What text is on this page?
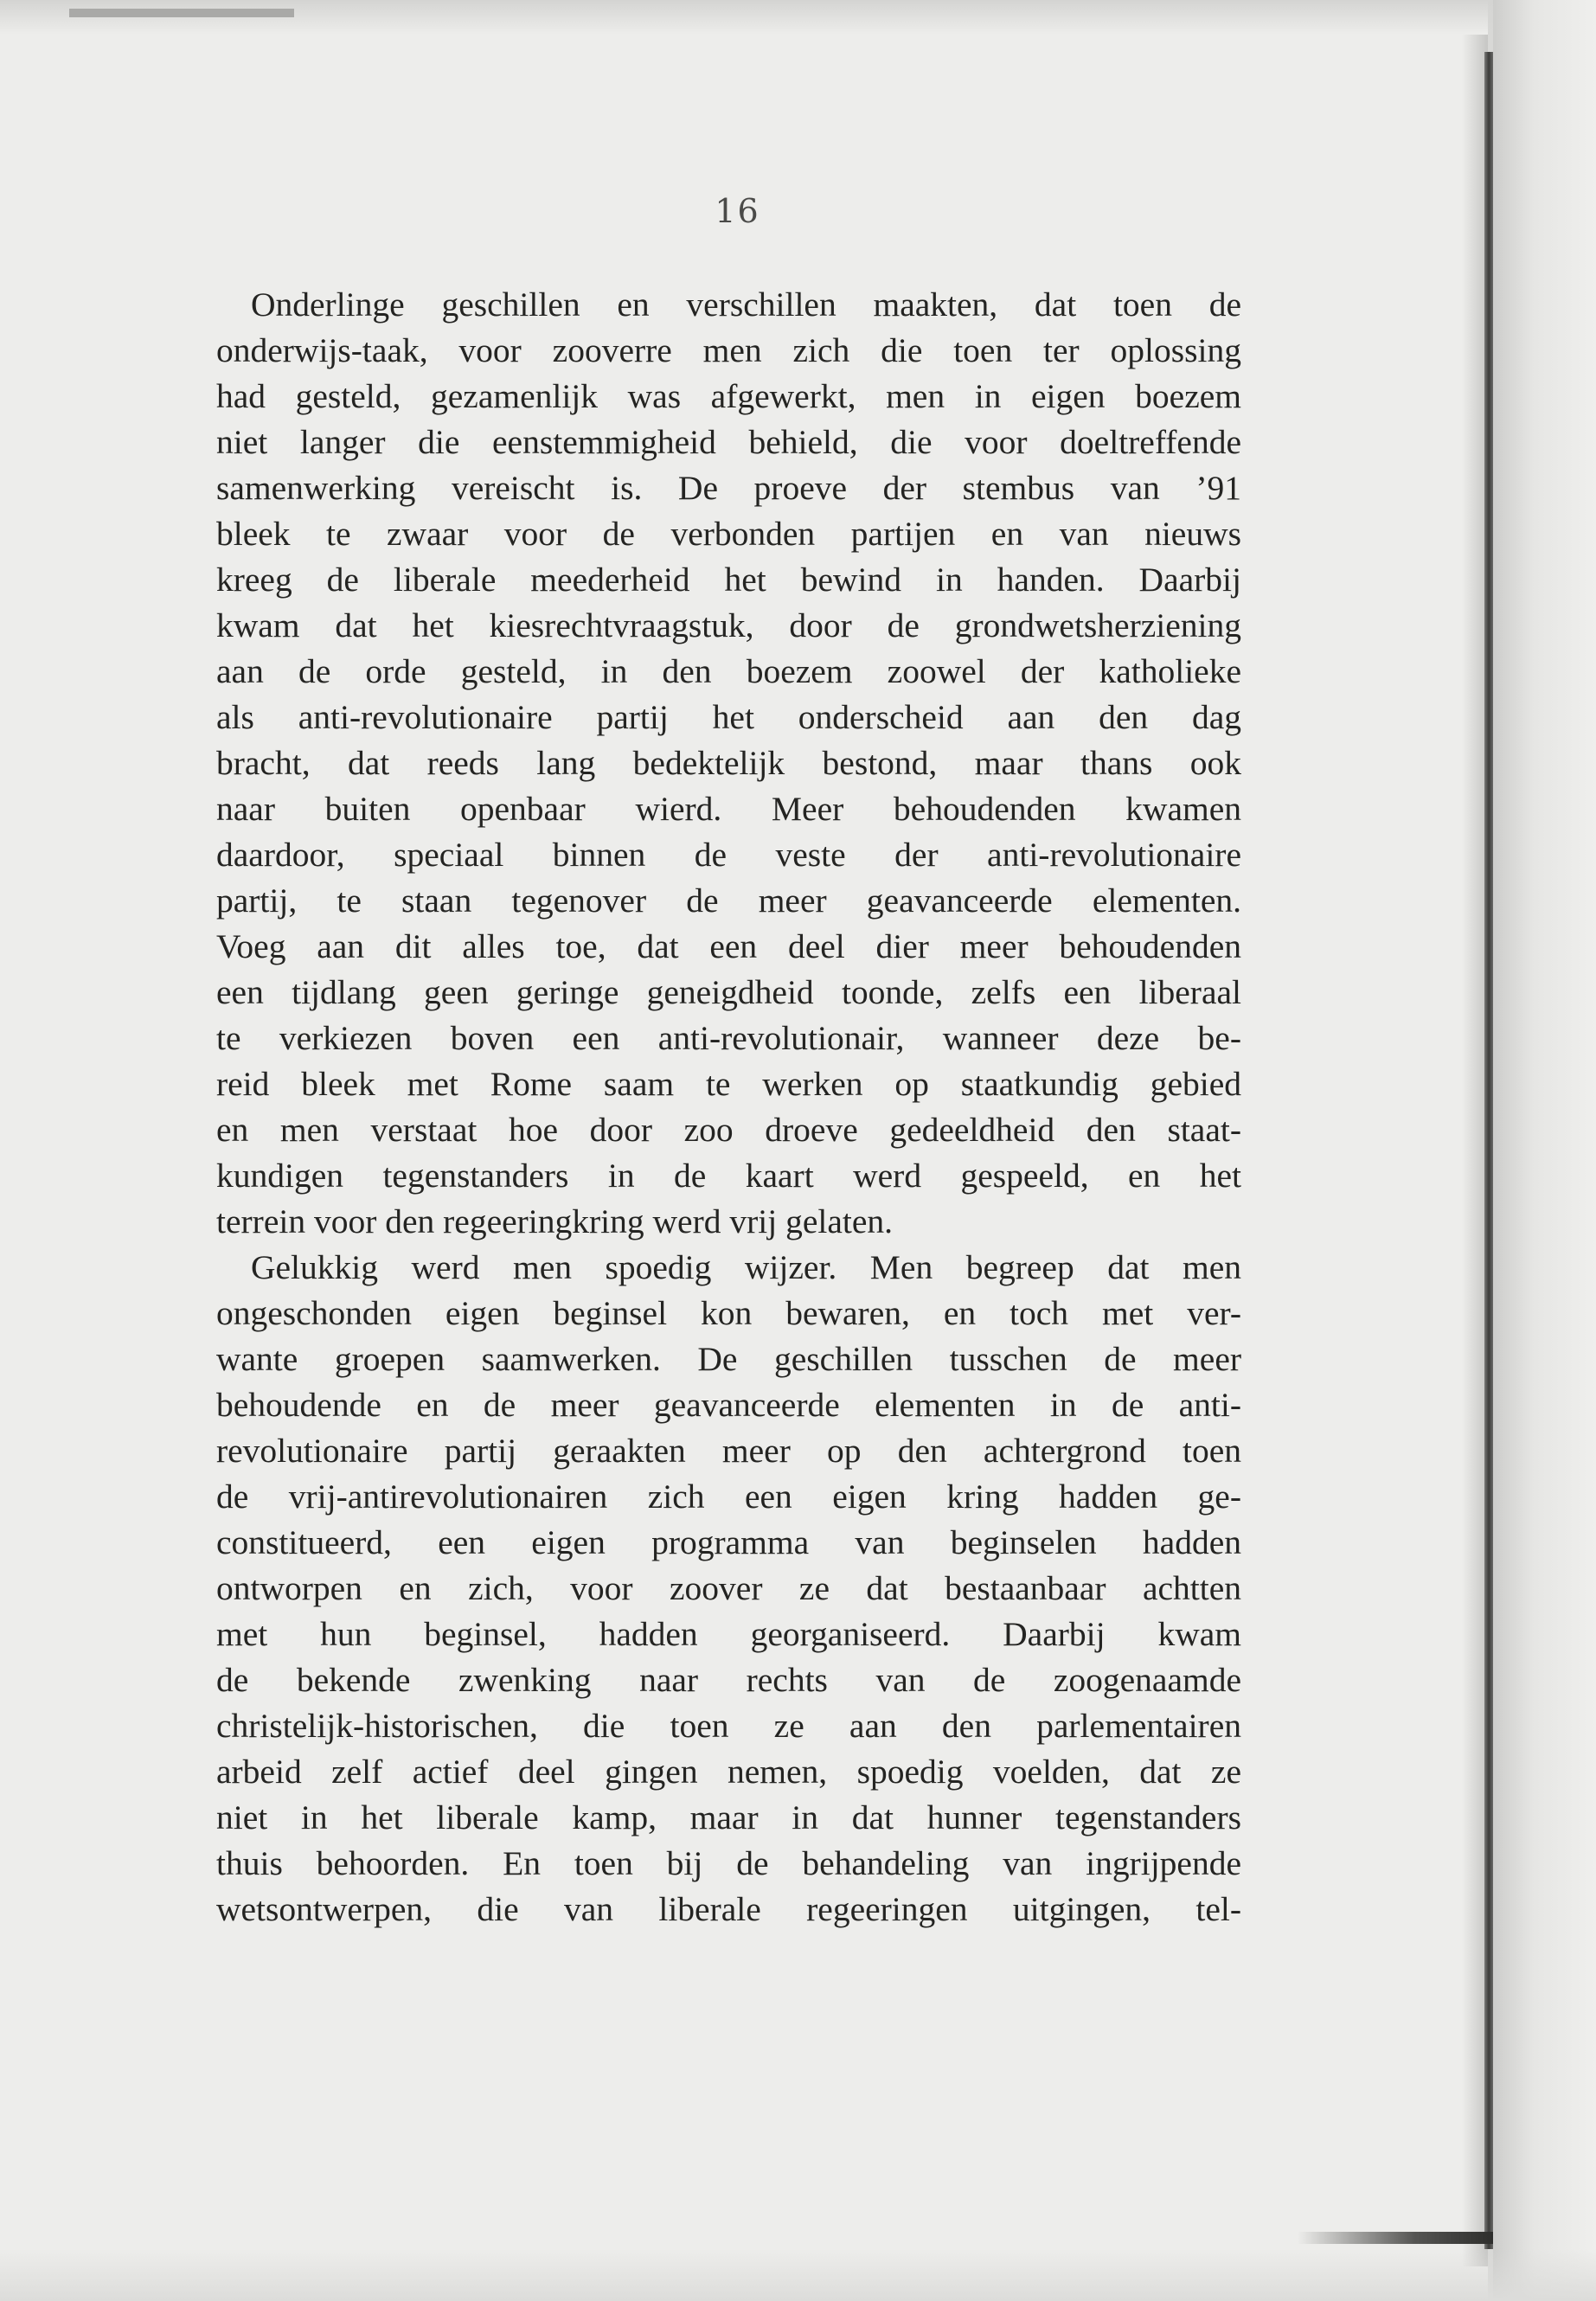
16
Onderlinge geschillen en verschillen maakten, dat toen de
onderwijs-taak, voor zooverre men zich die toen ter oplossing
had gesteld, gezamenlijk was afgewerkt, men in eigen boezem
niet langer die eenstemmigheid behield, die voor doeltreffende
samenwerking vereischt is. De proeve der stembus van ’91
bleek te zwaar voor de verbonden partijen en van nieuws
kreeg de liberale meederheid het bewind in handen. Daarbij
kwam dat het kiesrechtvraagstuk, door de grondwetsherziening
aan de orde gesteld, in den boezem zoowel der katholieke
als anti-revolutionaire partij het onderscheid aan den dag
bracht, dat reeds lang bedektelijk bestond, maar thans ook
naar buiten openbaar wierd. Meer behoudenden kwamen
daardoor, speciaal binnen de veste der anti-revolutionaire
partij, te staan tegenover de meer geavanceerde elementen.
Voeg aan dit alles toe, dat een deel dier meer behoudenden
een tijdlang geen geringe geneigdheid toonde, zelfs een liberaal
te verkiezen boven een anti-revolutionair, wanneer deze be-
reid bleek met Rome saam te werken op staatkundig gebied
en men verstaat hoe door zoo droeve gedeeldheid den staat-
kundigen tegenstanders in de kaart werd gespeeld, en het
terrein voor den regeeringkring werd vrij gelaten.
Gelukkig werd men spoedig wijzer. Men begreep dat men
ongeschonden eigen beginsel kon bewaren, en toch met ver-
wante groepen saamwerken. De geschillen tusschen de meer
behoudende en de meer geavanceerde elementen in de anti-
revolutionaire partij geraakten meer op den achtergrond toen
de vrij-antirevolutionairen zich een eigen kring hadden ge-
constitueerd, een eigen programma van beginselen hadden
ontworpen en zich, voor zoover ze dat bestaanbaar achtten
met hun beginsel, hadden georganiseerd. Daarbij kwam
de bekende zwenking naar rechts van de zoogenaamde
christelijk-historischen, die toen ze aan den parlementairen
arbeid zelf actief deel gingen nemen, spoedig voelden, dat ze
niet in het liberale kamp, maar in dat hunner tegenstanders
thuis behoorden. En toen bij de behandeling van ingrijpende
wetsontwerpen, die van liberale regeeringen uitgingen, tel-
